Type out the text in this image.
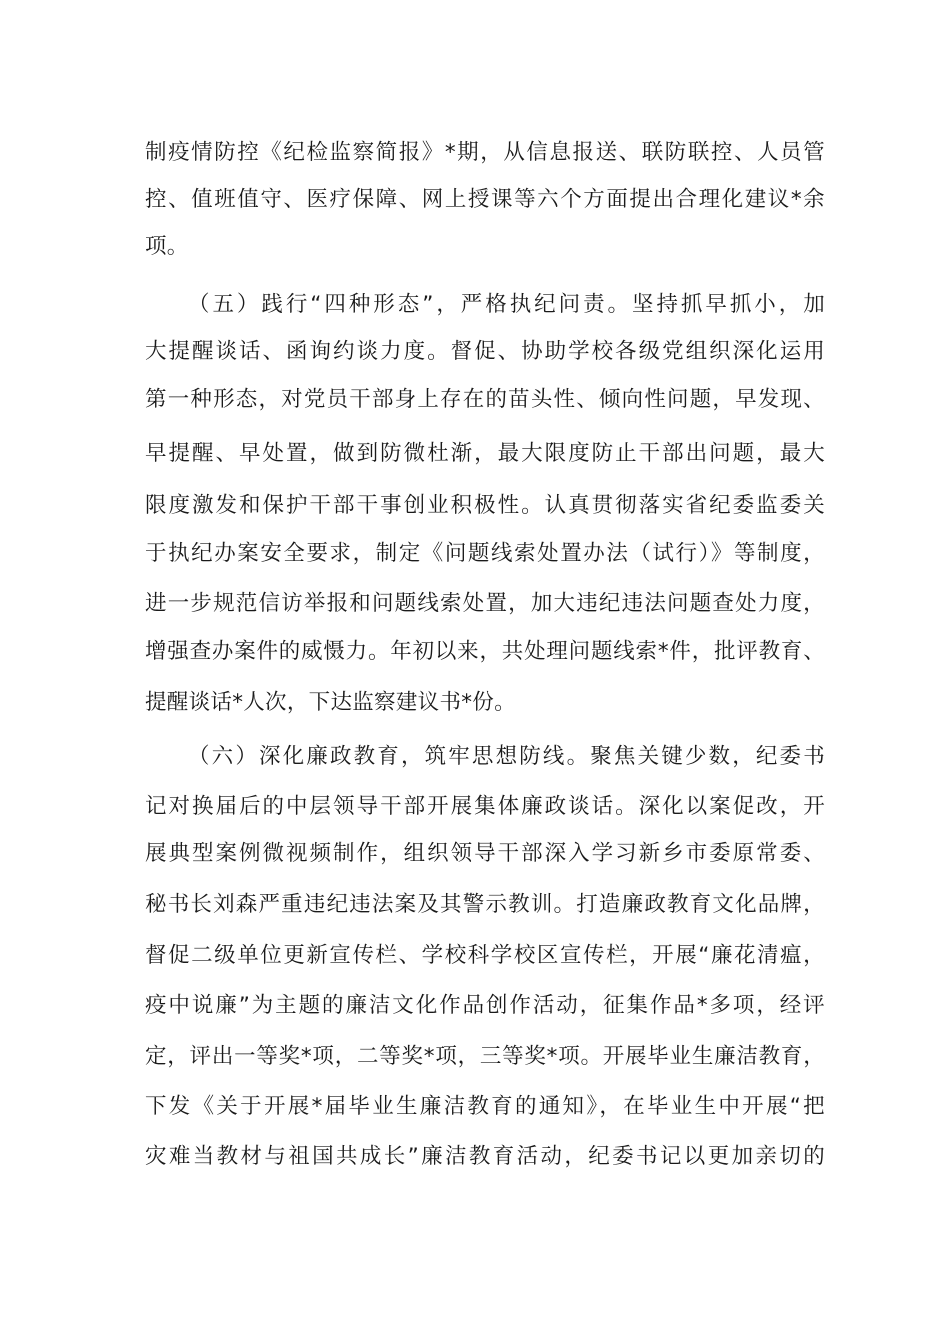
制疫情防控《纪检监察简报》*期，从信息报送、联防联控、人员管
控、值班值守、医疗保障、网上授课等六个方面提出合理化建议*余
项。
（五）践行“四种形态”，严格执纪问责。坚持抓早抓小，加
大提醒谈话、函询约谈力度。督促、协助学校各级党组织深化运用
第一种形态，对党员干部身上存在的苗头性、倾向性问题，早发现、
早提醒、早处置，做到防微杜渐，最大限度防止干部出问题，最大
限度激发和保护干部干事创业积极性。认真贯彻落实省纪委监委关
于执纪办案安全要求，制定《问题线索处置办法（试行）》等制度，
进一步规范信访举报和问题线索处置，加大违纪违法问题查处力度，
增强查办案件的威慑力。年初以来，共处理问题线索*件，批评教育、
提醒谈话*人次，下达监察建议书*份。
（六）深化廉政教育，筑牢思想防线。聚焦关键少数，纪委书
记对换届后的中层领导干部开展集体廉政谈话。深化以案促改，开
展典型案例微视频制作，组织领导干部深入学习新乡市委原常委、
秘书长刘森严重违纪违法案及其警示教训。打造廉政教育文化品牌，
督促二级单位更新宣传栏、学校科学校区宣传栏，开展“廉花清瘟，
疫中说廉”为主题的廉洁文化作品创作活动，征集作品*多项，经评
定，评出一等奖*项，二等奖*项，三等奖*项。开展毕业生廉洁教育，
下发《关于开展*届毕业生廉洁教育的通知》，在毕业生中开展“把
灾难当教材与祖国共成长”廉洁教育活动，纪委书记以更加亲切的
